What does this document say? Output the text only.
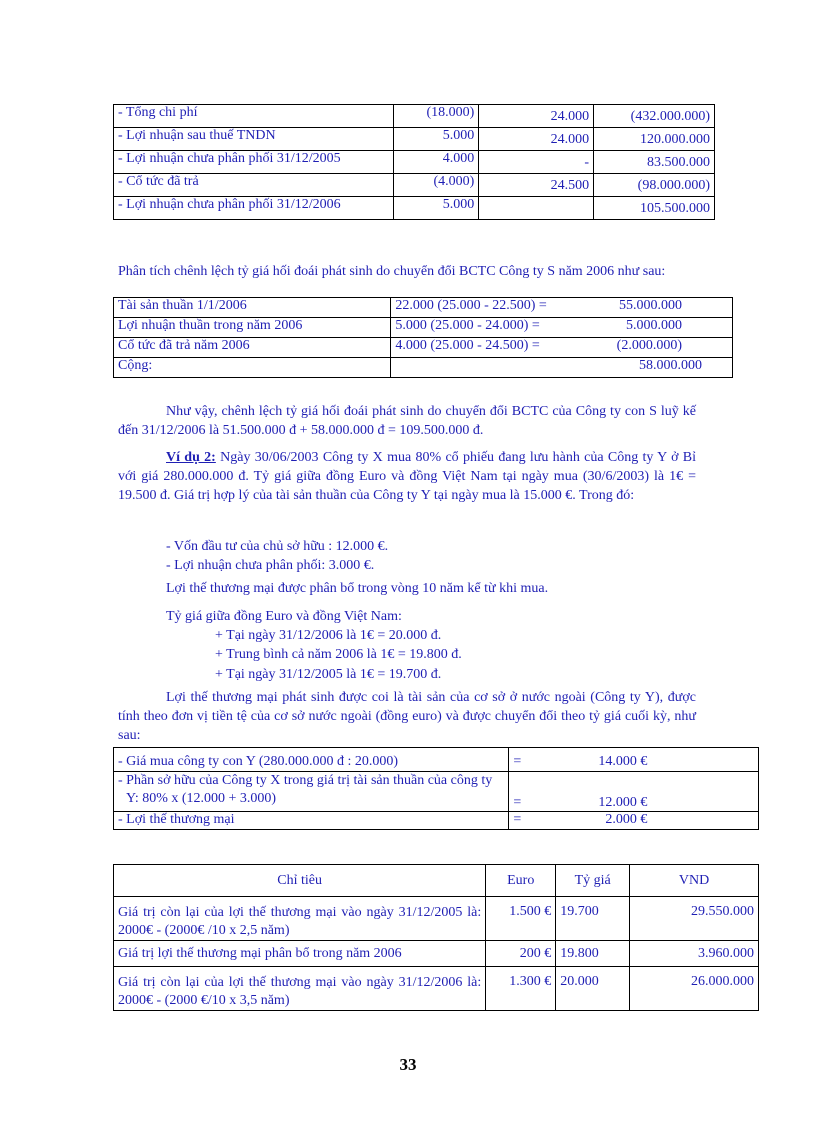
- Tổng chi phí	(18.000)	24.000	(432.000.000)
- Lợi nhuận sau thuế TNDN	5.000	24.000	120.000.000
- Lợi nhuận chưa phân phối 31/12/2005	4.000	-	83.500.000
- Cổ tức đã trả	(4.000)	24.500	(98.000.000)
- Lợi nhuận chưa phân phối 31/12/2006	5.000		105.500.000

Phân tích chênh lệch tỷ giá hối đoái phát sinh do chuyển đổi BCTC Công ty S năm 2006 như sau:

Tài sản thuần 1/1/2006	22.000 (25.000 - 22.500) =	55.000.000
Lợi nhuận thuần trong năm 2006	5.000 (25.000 - 24.000) =	5.000.000
Cổ tức đã trả năm 2006	4.000 (25.000 - 24.500) =	(2.000.000)
Cộng:		58.000.000

Như vậy, chênh lệch tỷ giá hối đoái phát sinh do chuyển đổi BCTC của Công ty con S luỹ kế đến 31/12/2006 là 51.500.000 đ + 58.000.000 đ = 109.500.000 đ.

Ví dụ 2: Ngày 30/06/2003 Công ty X mua 80% cổ phiếu đang lưu hành của Công ty Y ở Bỉ với giá 280.000.000 đ. Tỷ giá giữa đồng Euro và đồng Việt Nam tại ngày mua (30/6/2003) là 1€ = 19.500 đ. Giá trị hợp lý của tài sản thuần của Công ty Y tại ngày mua là 15.000 €. Trong đó:

- Vốn đầu tư của chủ sở hữu : 12.000 €.
- Lợi nhuận chưa phân phối: 3.000 €.
Lợi thế thương mại được phân bổ trong vòng 10 năm kể từ khi mua.
Tỷ giá giữa đồng Euro và đồng Việt Nam:
+ Tại ngày 31/12/2006 là 1€ = 20.000 đ.
+ Trung bình cả năm 2006 là 1€ = 19.800 đ.
+ Tại ngày 31/12/2005 là 1€ = 19.700 đ.

Lợi thế thương mại phát sinh được coi là tài sản của cơ sở ở nước ngoài (Công ty Y), được tính theo đơn vị tiền tệ của cơ sở nước ngoài (đồng euro) và được chuyển đổi theo tỷ giá cuối kỳ, như sau:

- Giá mua công ty con Y (280.000.000 đ : 20.000)	= 14.000 €
- Phần sở hữu của Công ty X trong giá trị tài sản thuần của công ty Y: 80% x (12.000 + 3.000)	= 12.000 €
- Lợi thế thương mại	= 2.000 €
Chỉ tiêu	Euro	Tỷ giá	VND
Giá trị còn lại của lợi thế thương mại vào ngày 31/12/2005 là: 2000€ - (2000€ /10 x 2,5 năm)	1.500 €	19.700	29.550.000
Giá trị lợi thế thương mại phân bổ trong năm 2006	200 €	19.800	3.960.000
Giá trị còn lại của lợi thế thương mại vào ngày 31/12/2006 là: 2000€ - (2000 €/10 x 3,5 năm)	1.300 €	20.000	26.000.000
33
